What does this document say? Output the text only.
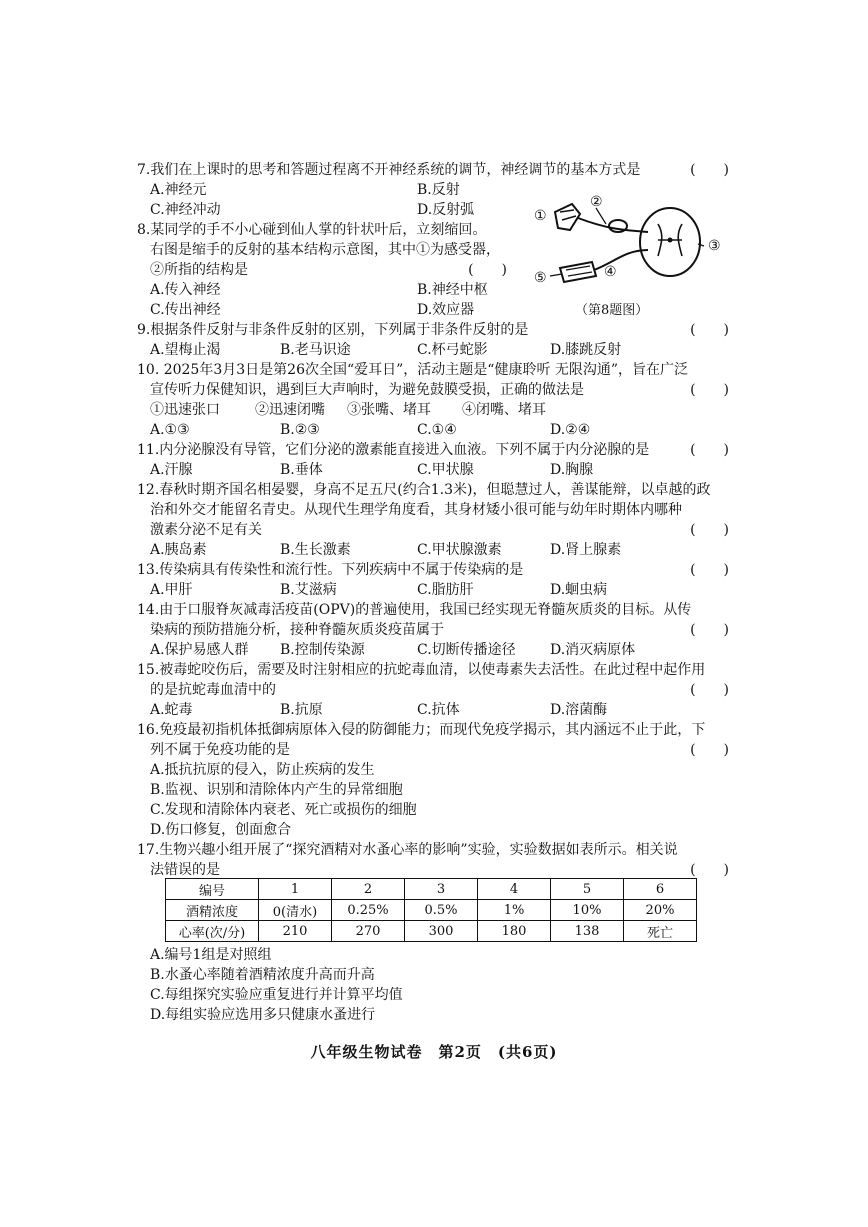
7.我们在上课时的思考和答题过程离不开神经系统的调节，神经调节的基本方式是	(　　)
A.神经元	B.反射
C.神经冲动	D.反射弧
8.某同学的手不小心碰到仙人掌的针状叶后，立刻缩回。
右图是缩手的反射的基本结构示意图，其中①为感受器，
②所指的结构是	(　　)
A.传入神经	B.神经中枢
C.传出神经	D.效应器
①
②
③
④
⑤
（第8题图）
9.根据条件反射与非条件反射的区别，下列属于非条件反射的是	(　　)
A.望梅止渴	B.老马识途	C.杯弓蛇影	D.膝跳反射
10. 2025年3月3日是第26次全国“爱耳日”，活动主题是“健康聆听 无限沟通”，旨在广泛
宣传听力保健知识，遇到巨大声响时，为避免鼓膜受损，正确的做法是	(　　)
①迅速张口	②迅速闭嘴 ③张嘴、堵耳 ④闭嘴、堵耳
A.①③	B.②③	C.①④	D.②④
11.内分泌腺没有导管，它们分泌的激素能直接进入血液。下列不属于内分泌腺的是	(　　)
A.汗腺	B.垂体	C.甲状腺	D.胸腺
12.春秋时期齐国名相晏婴，身高不足五尺(约合1.3米)，但聪慧过人，善谋能辩，以卓越的政
治和外交才能留名青史。从现代生理学角度看，其身材矮小很可能与幼年时期体内哪种
激素分泌不足有关	(　　)
A.胰岛素	B.生长激素	C.甲状腺激素	D.肾上腺素
13.传染病具有传染性和流行性。下列疾病中不属于传染病的是	(　　)
A.甲肝	B.艾滋病	C.脂肪肝	D.蛔虫病
14.由于口服脊灰减毒活疫苗(OPV)的普遍使用，我国已经实现无脊髓灰质炎的目标。从传
染病的预防措施分析，接种脊髓灰质炎疫苗属于	(　　)
A.保护易感人群 B.控制传染源	C.切断传播途径 D.消灭病原体
15.被毒蛇咬伤后，需要及时注射相应的抗蛇毒血清，以使毒素失去活性。在此过程中起作用
的是抗蛇毒血清中的	(　　)
A.蛇毒	B.抗原	C.抗体	D.溶菌酶
16.免疫最初指机体抵御病原体入侵的防御能力；而现代免疫学揭示，其内涵远不止于此，下
列不属于免疫功能的是	(　　)
A.抵抗抗原的侵入，防止疾病的发生
B.监视、识别和清除体内产生的异常细胞
C.发现和清除体内衰老、死亡或损伤的细胞
D.伤口修复，创面愈合
17.生物兴趣小组开展了“探究酒精对水蚤心率的影响”实验，实验数据如表所示。相关说
法错误的是	(　　)
编号	1	2	3	4	5	6
酒精浓度	0(清水)	0.25%	0.5%	1%	10%	20%
心率(次/分)	210	270	300	180	138	死亡
A.编号1组是对照组
B.水蚤心率随着酒精浓度升高而升高
C.每组探究实验应重复进行并计算平均值
D.每组实验应选用多只健康水蚤进行
八年级生物试卷　第2页　(共6页)
